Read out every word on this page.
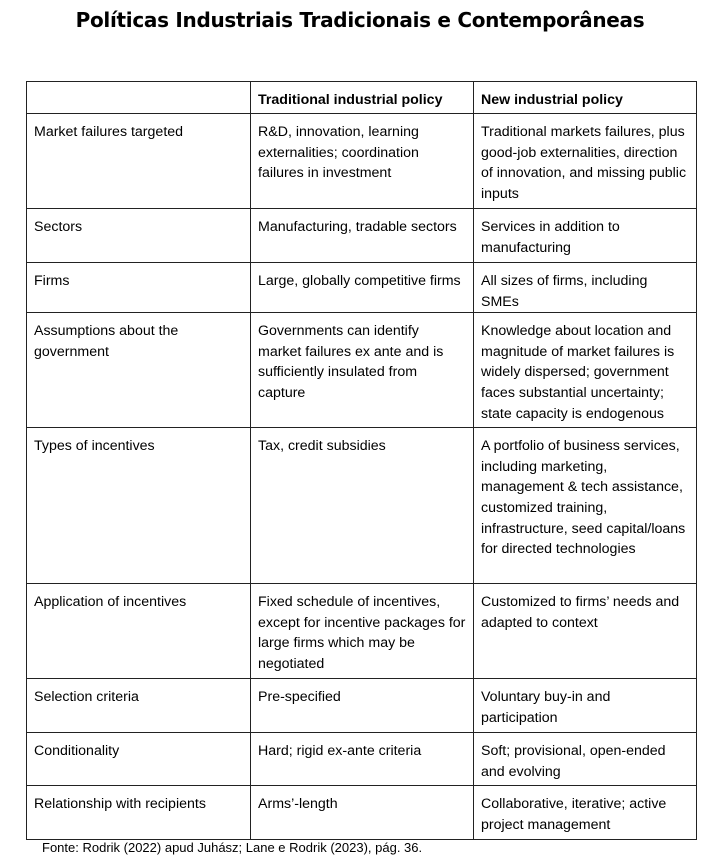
Políticas Industriais Tradicionais e Contemporâneas
	Traditional industrial policy	New industrial policy
Market failures targeted	R&D, innovation, learning externalities; coordination failures in investment	Traditional markets failures, plus good-job externalities, direction of innovation, and missing public inputs
Sectors	Manufacturing, tradable sectors	Services in addition to manufacturing
Firms	Large, globally competitive firms	All sizes of firms, including SMEs
Assumptions about the government	Governments can identify market failures ex ante and is sufficiently insulated from capture	Knowledge about location and magnitude of market failures is widely dispersed; government faces substantial uncertainty; state capacity is endogenous
Types of incentives	Tax, credit subsidies	A portfolio of business services, including marketing, management & tech assistance, customized training, infrastructure, seed capital/loans for directed technologies
Application of incentives	Fixed schedule of incentives, except for incentive packages for large firms which may be negotiated	Customized to firms’ needs and adapted to context
Selection criteria	Pre-specified	Voluntary buy-in and participation
Conditionality	Hard; rigid ex-ante criteria	Soft; provisional, open-ended and evolving
Relationship with recipients	Arms’-length	Collaborative, iterative; active project management
Fonte: Rodrik (2022) apud Juhász; Lane e Rodrik (2023), pág. 36.
